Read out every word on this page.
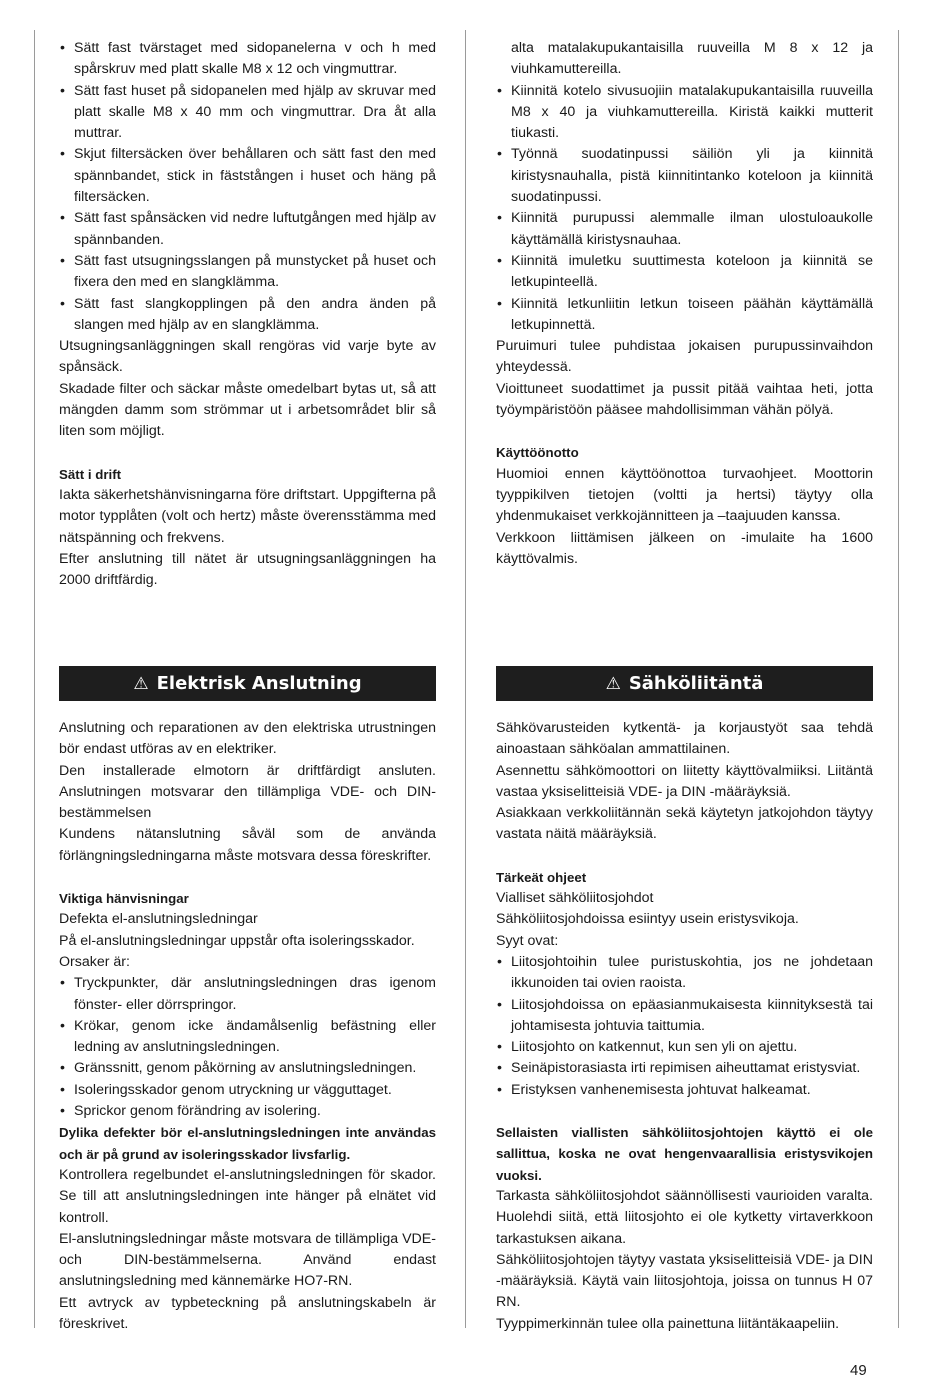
• Sätt fast tvärstaget med sidopanelerna v och h med spårskruv med platt skalle M8 x 12 och vingmuttrar.
• Sätt fast huset på sidopanelen med hjälp av skruvar med platt skalle M8 x 40 mm och vingmuttrar. Dra åt alla muttrar.
• Skjut filtersäcken över behållaren och sätt fast den med spännbandet, stick in fäststången i huset och häng på filtersäcken.
• Sätt fast spånsäcken vid nedre luftutgången med hjälp av spännbanden.
• Sätt fast utsugningsslangen på munstycket på huset och fixera den med en slangklämma.
• Sätt fast slangkopplingen på den andra änden på slangen med hjälp av en slangklämma.

Utsugningsanläggningen skall rengöras vid varje byte av spånsäck.

Skadade filter och säckar måste omedelbart bytas ut, så att mängden damm som strömmar ut i arbetsområdet blir så liten som möjligt.

Sätt i drift

Iakta säkerhetshänvisningarna före driftstart. Uppgifterna på motor typplåten (volt och hertz) måste överensstämma med nätspänning och frekvens.

Efter anslutning till nätet är utsugningsanläggningen ha 2000 driftfärdig.

alta matalakupukantaisilla ruuveilla M 8 x 12 ja viuhkamuttereilla.

• Kiinnitä kotelo sivusuojiin matalakupukantaisilla ruuveilla M8 x 40 ja viuhkamuttereilla. Kiristä kaikki mutterit tiukasti.
• Työnnä suodatinpussi säiliön yli ja kiinnitä kiristysnauhalla, pistä kiinnitintanko koteloon ja kiinnitä suodatinpussi.
• Kiinnitä purupussi alemmalle ilman ulostuloaukolle käyttämällä kiristysnauhaa.
• Kiinnitä imuletku suuttimesta koteloon ja kiinnitä se letkupinteellä.
• Kiinnitä letkunliitin letkun toiseen päähän käyttämällä letkupinnettä.

Puruimuri tulee puhdistaa jokaisen purupussinvaihdon yhteydessä.

Vioittuneet suodattimet ja pussit pitää vaihtaa heti, jotta työympäristöön pääsee mahdollisimman vähän pölyä.

Käyttöönotto

Huomioi ennen käyttöönottoa turvaohjeet. Moottorin tyyppikilven tietojen (voltti ja hertsi) täytyy olla yhdenmukaiset verkkojännitteen ja –taajuuden kanssa.

Verkkoon liittämisen jälkeen on -imulaite ha 1600 käyttövalmis.

⚠ Elektrisk Anslutning	⚠ Sähköliitäntä

Anslutning och reparationen av den elektriska utrustningen bör endast utföras av en elektriker.

Den installerade elmotorn är driftfärdigt ansluten. Anslutningen motsvarar den tillämpliga VDE- och DIN- bestämmelsen

Kundens nätanslutning såväl som de använda förlängningsledningarna måste motsvara dessa föreskrifter.

Viktiga hänvisningar

Defekta el-anslutningsledningar

På el-anslutningsledningar uppstår ofta isoleringsskador.

Orsaker är:

• Tryckpunkter, där anslutningsledningen dras igenom fönster- eller dörrspringor.
• Krökar, genom icke ändamålsenlig befästning eller ledning av anslutningsledningen.
• Gränssnitt, genom påkörning av anslutningsledningen.
• Isoleringsskador genom utryckning ur vägguttaget.
• Sprickor genom förändring av isolering.

Dylika defekter bör el-anslutningsledningen inte användas och är på grund av isoleringsskador livsfarlig.

Kontrollera regelbundet el-anslutningsledningen för skador. Se till att anslutningsledningen inte hänger på elnätet vid kontroll.

El-anslutningsledningar måste motsvara de tillämpliga VDE- och DIN-bestämmelserna. Använd endast anslutningsledning med kännemärke HO7-RN.

Ett avtryck av typbeteckning på anslutningskabeln är föreskrivet.

Sähkövarusteiden kytkentä- ja korjaustyöt saa tehdä ainoastaan sähköalan ammattilainen.

Asennettu sähkömoottori on liitetty käyttövalmiiksi. Liitäntä vastaa yksiselitteisiä VDE- ja DIN -määräyksiä.

Asiakkaan verkkoliitännän sekä käytetyn jatkojohdon täytyy vastata näitä määräyksiä.

Tärkeät ohjeet

Vialliset sähköliitosjohdot

Sähköliitosjohdoissa esiintyy usein eristysvikoja.

Syyt ovat:

• Liitosjohtoihin tulee puristuskohtia, jos ne johdetaan ikkunoiden tai ovien raoista.
• Liitosjohdoissa on epäasianmukaisesta kiinnityksestä tai johtamisesta johtuvia taittumia.
• Liitosjohto on katkennut, kun sen yli on ajettu.
• Seinäpistorasiasta irti repimisen aiheuttamat eristysviat.
• Eristyksen vanhenemisesta johtuvat halkeamat.

Sellaisten viallisten sähköliitosjohtojen käyttö ei ole sallittua, koska ne ovat hengenvaarallisia eristysvikojen vuoksi.

Tarkasta sähköliitosjohdot säännöllisesti vaurioiden varalta. Huolehdi siitä, että liitosjohto ei ole kytketty virtaverkkoon tarkastuksen aikana.

Sähköliitosjohtojen täytyy vastata yksiselitteisiä VDE- ja DIN -määräyksiä. Käytä vain liitosjohtoja, joissa on tunnus H 07 RN.

Tyyppimerkinnän tulee olla painettuna liitäntäkaapeliin.

49
